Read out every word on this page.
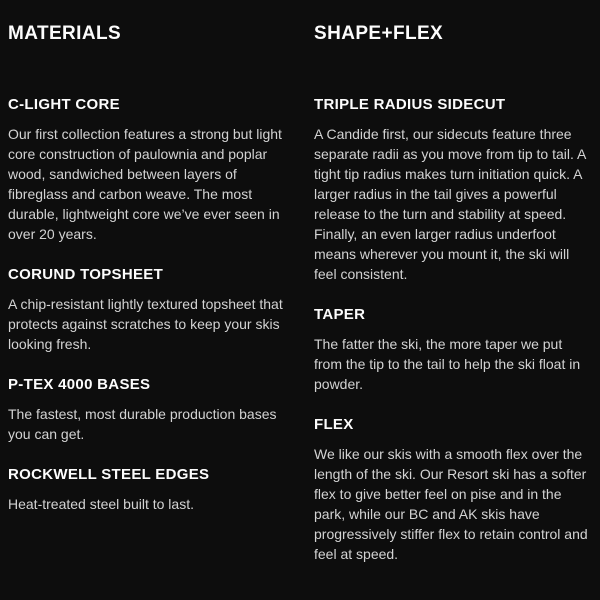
MATERIALS
C-LIGHT CORE

Our first collection features a strong but light core construction of paulownia and poplar wood, sandwiched between layers of fibreglass and carbon weave. The most durable, lightweight core we’ve ever seen in over 20 years.

CORUND TOPSHEET

A chip-resistant lightly textured topsheet that protects against scratches to keep your skis looking fresh.

P-TEX 4000 BASES

The fastest, most durable production bases you can get.

ROCKWELL STEEL EDGES

Heat-treated steel built to last.

SHAPE+FLEX
TRIPLE RADIUS SIDECUT

A Candide first, our sidecuts feature three separate radii as you move from tip to tail. A tight tip radius makes turn initiation quick. A larger radius in the tail gives a powerful release to the turn and stability at speed. Finally, an even larger radius underfoot means wherever you mount it, the ski will feel consistent.

TAPER

The fatter the ski, the more taper we put from the tip to the tail to help the ski float in powder.

FLEX

We like our skis with a smooth flex over the length of the ski. Our Resort ski has a softer flex to give better feel on pise and in the park, while our BC and AK skis have progressively stiffer flex to retain control and feel at speed.
